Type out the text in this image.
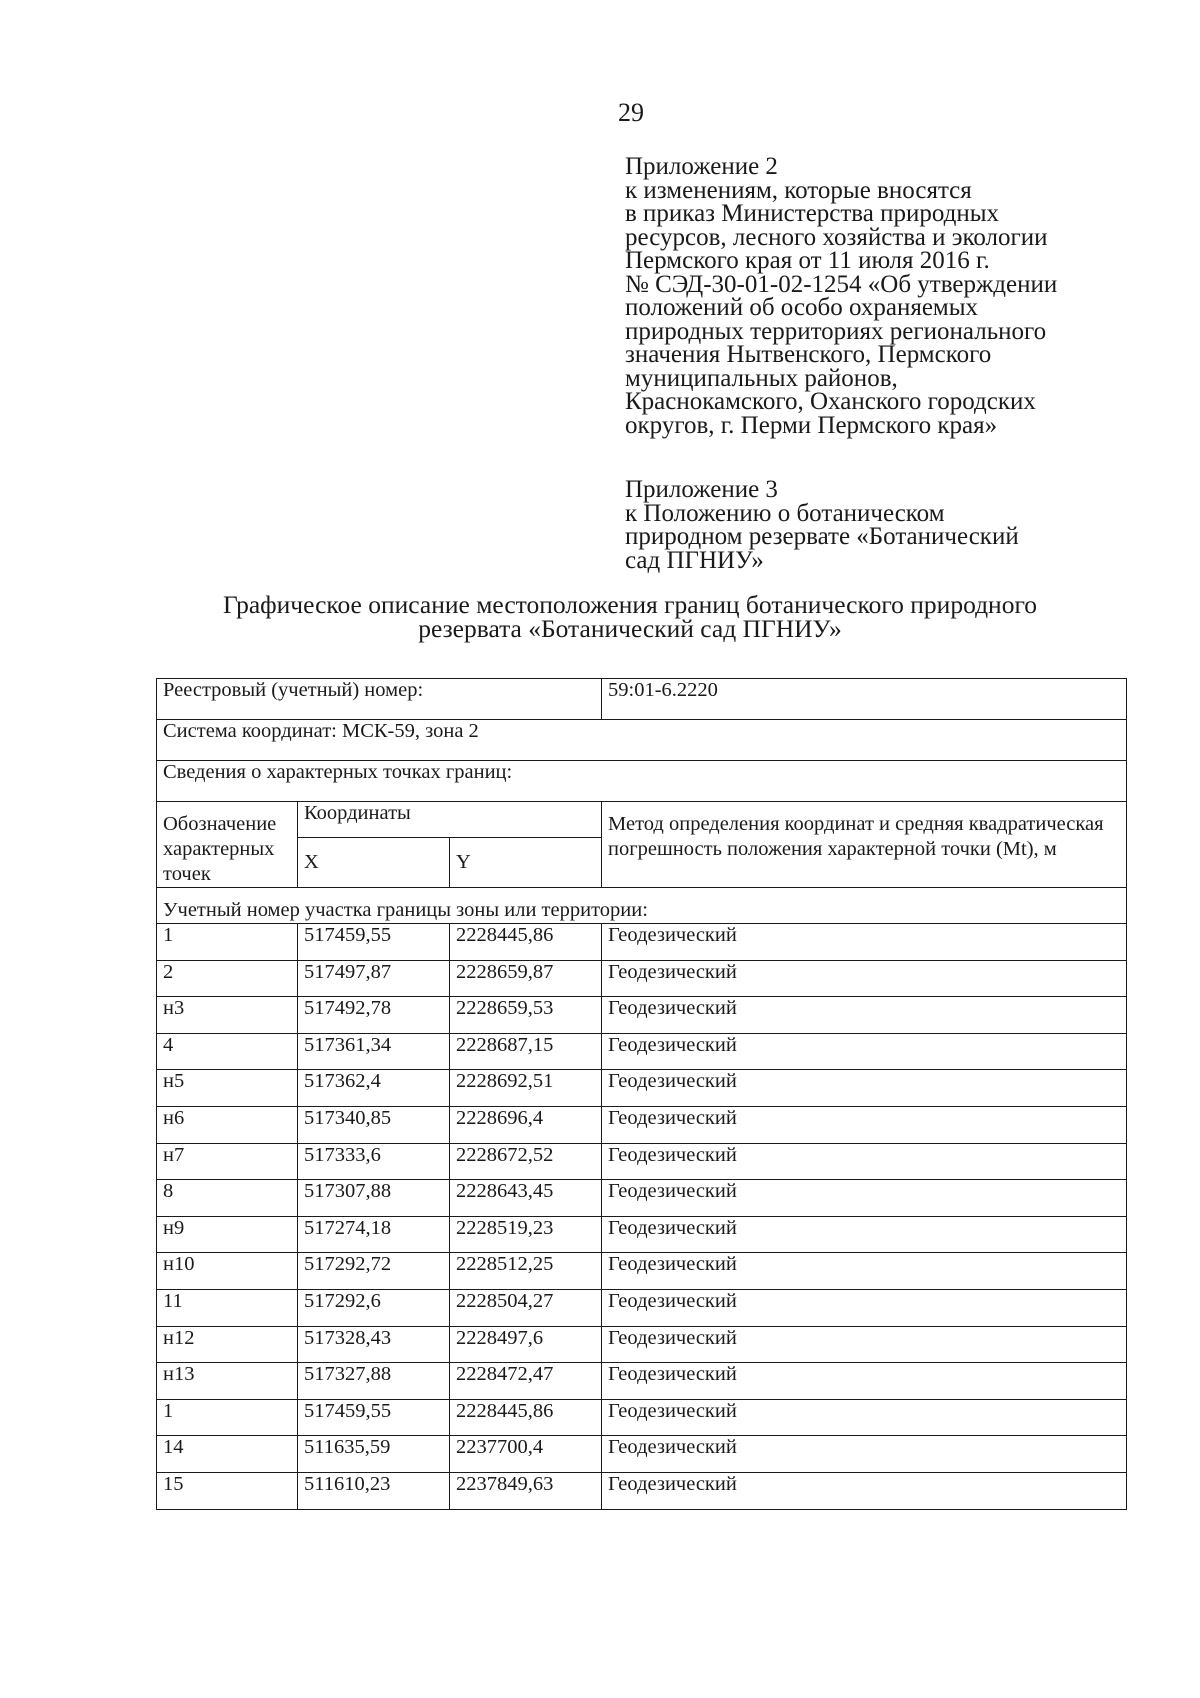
29
Приложение 2
к изменениям, которые вносятся
в приказ Министерства природных
ресурсов, лесного хозяйства и экологии
Пермского края от 11 июля 2016 г.
№ СЭД-30-01-02-1254 «Об утверждении
положений об особо охраняемых
природных территориях регионального
значения Нытвенского, Пермского
муниципальных районов,
Краснокамского, Оханского городских
округов, г. Перми Пермского края»
Приложение 3
к Положению о ботаническом
природном резервате «Ботанический
сад ПГНИУ»
Графическое описание местоположения границ ботанического природного
резервата «Ботанический сад ПГНИУ»
Реестровый (учетный) номер:			59:01-6.2220
Система координат: МСК-59, зона 2			
Сведения о характерных точках границ:			
Обозначение характерных точек	Координаты		Метод определения координат и средняя квадратическая погрешность положения характерной точки (Mt), м
	X	Y	
Учетный номер участка границы зоны или территории:			
1	517459,55	2228445,86	Геодезический
2	517497,87	2228659,87	Геодезический
н3	517492,78	2228659,53	Геодезический
4	517361,34	2228687,15	Геодезический
н5	517362,4	2228692,51	Геодезический
н6	517340,85	2228696,4	Геодезический
н7	517333,6	2228672,52	Геодезический
8	517307,88	2228643,45	Геодезический
н9	517274,18	2228519,23	Геодезический
н10	517292,72	2228512,25	Геодезический
11	517292,6	2228504,27	Геодезический
н12	517328,43	2228497,6	Геодезический
н13	517327,88	2228472,47	Геодезический
1	517459,55	2228445,86	Геодезический
14	511635,59	2237700,4	Геодезический
15	511610,23	2237849,63	Геодезический
